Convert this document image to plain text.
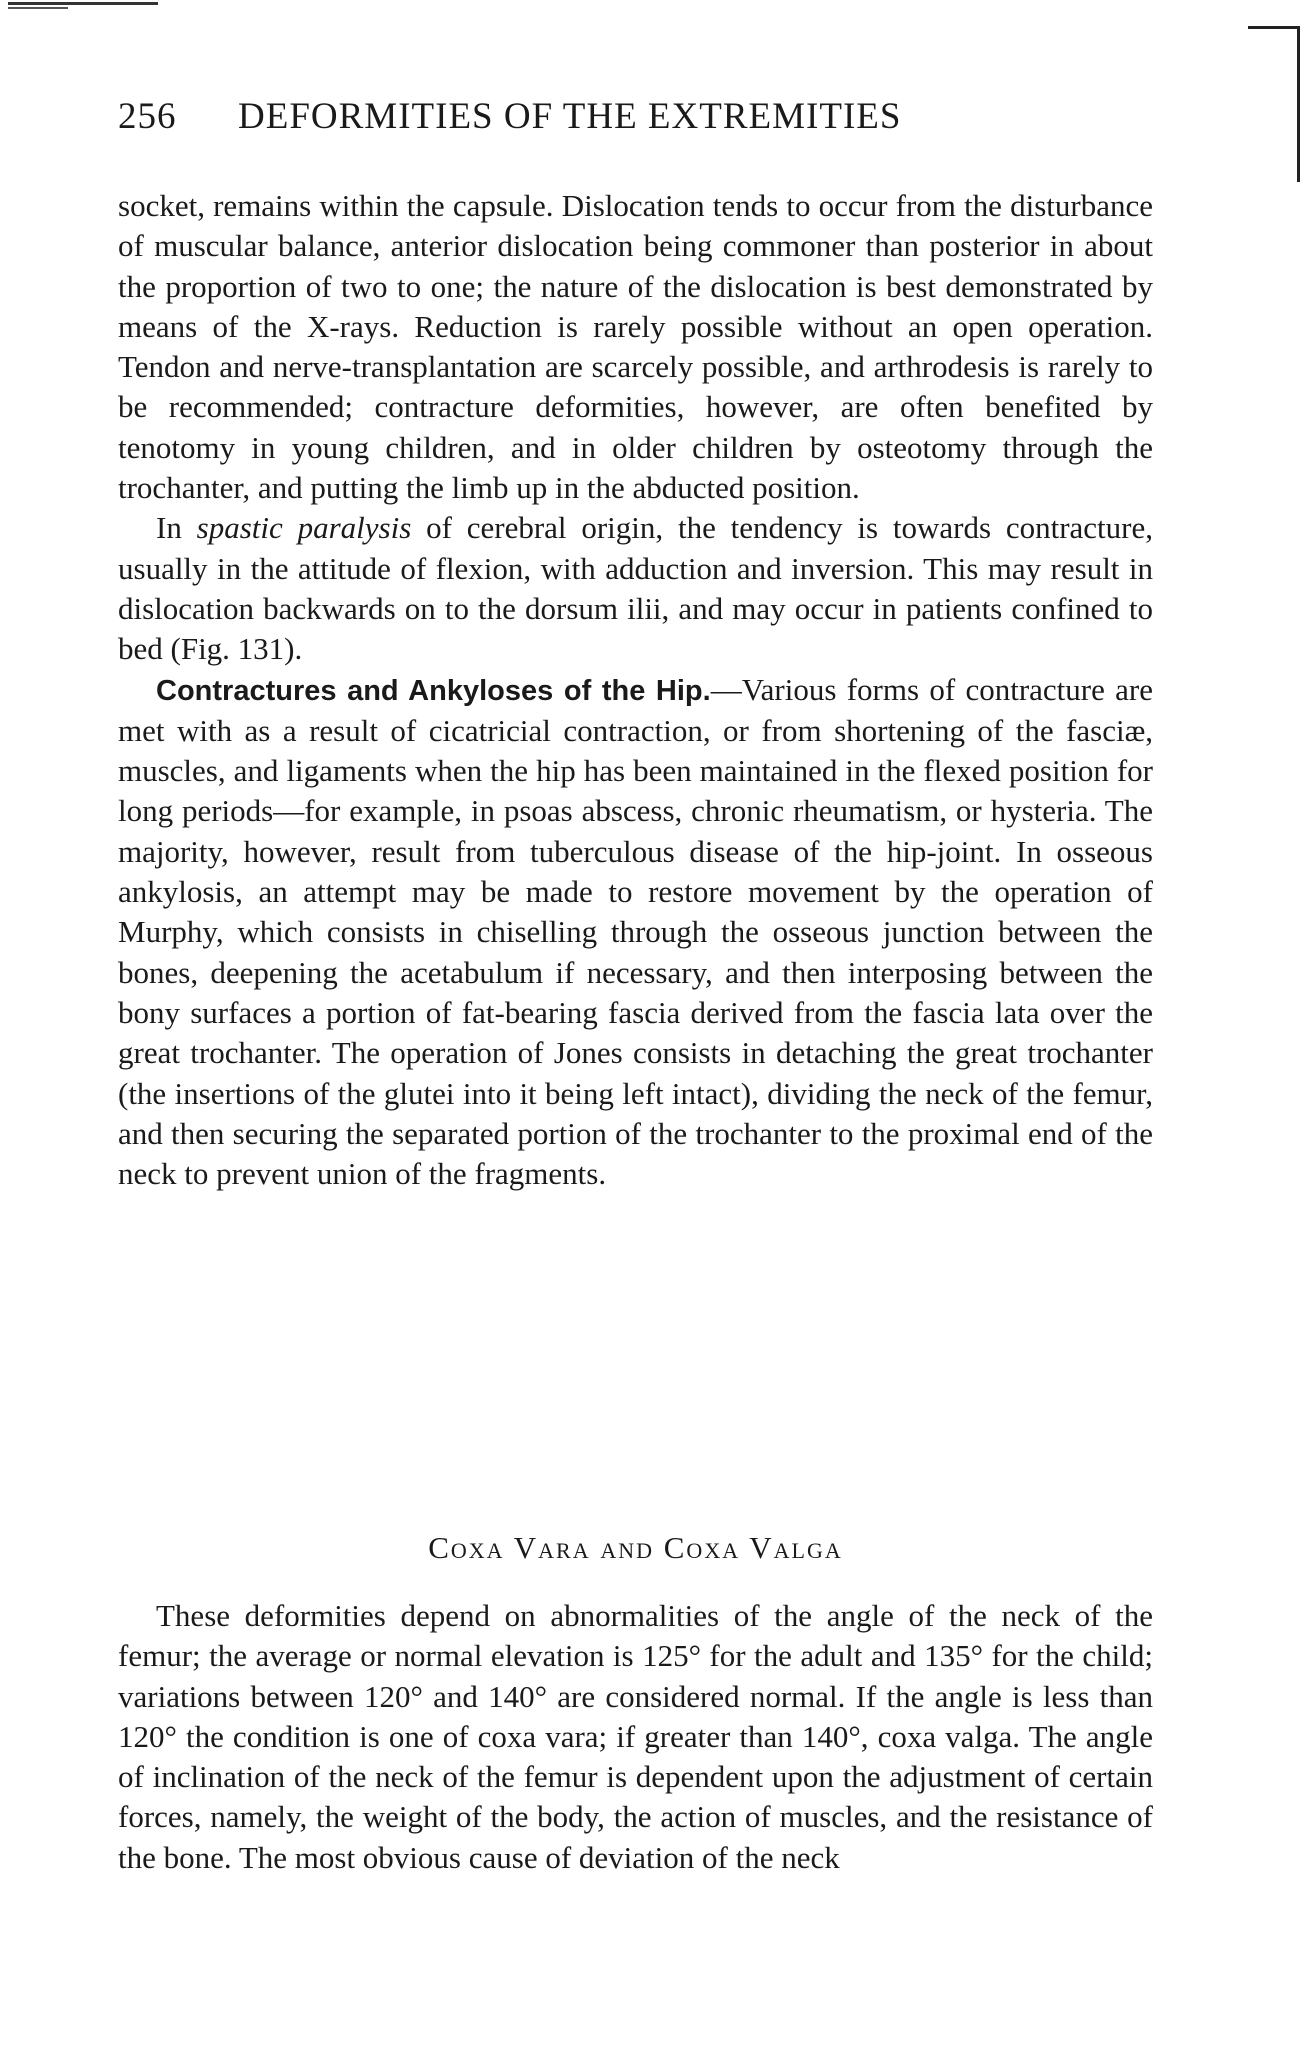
256 DEFORMITIES OF THE EXTREMITIES

socket, remains within the capsule. Dislocation tends to occur from the disturbance of muscular balance, anterior dislocation being commoner than posterior in about the proportion of two to one; the nature of the dislocation is best demonstrated by means of the X-rays. Reduction is rarely possible without an open operation. Tendon and nerve-transplantation are scarcely possible, and arthrodesis is rarely to be recommended; contracture deformities, however, are often benefited by tenotomy in young children, and in older children by osteotomy through the trochanter, and putting the limb up in the abducted position.

In spastic paralysis of cerebral origin, the tendency is towards contracture, usually in the attitude of flexion, with adduction and inversion. This may result in dislocation backwards on to the dorsum ilii, and may occur in patients confined to bed (Fig. 131).

Contractures and Ankyloses of the Hip.—Various forms of contracture are met with as a result of cicatricial contraction, or from shortening of the fasciæ, muscles, and ligaments when the hip has been maintained in the flexed position for long periods—for example, in psoas abscess, chronic rheumatism, or hysteria. The majority, however, result from tuberculous disease of the hip-joint. In osseous ankylosis, an attempt may be made to restore movement by the operation of Murphy, which consists in chiselling through the osseous junction between the bones, deepening the acetabulum if necessary, and then interposing between the bony surfaces a portion of fat-bearing fascia derived from the fascia lata over the great trochanter. The operation of Jones consists in detaching the great trochanter (the insertions of the glutei into it being left intact), dividing the neck of the femur, and then securing the separated portion of the trochanter to the proximal end of the neck to prevent union of the fragments.

Coxa Vara and Coxa Valga

These deformities depend on abnormalities of the angle of the neck of the femur; the average or normal elevation is 125° for the adult and 135° for the child; variations between 120° and 140° are considered normal. If the angle is less than 120° the condition is one of coxa vara; if greater than 140°, coxa valga. The angle of inclination of the neck of the femur is dependent upon the adjustment of certain forces, namely, the weight of the body, the action of muscles, and the resistance of the bone. The most obvious cause of deviation of the neck
